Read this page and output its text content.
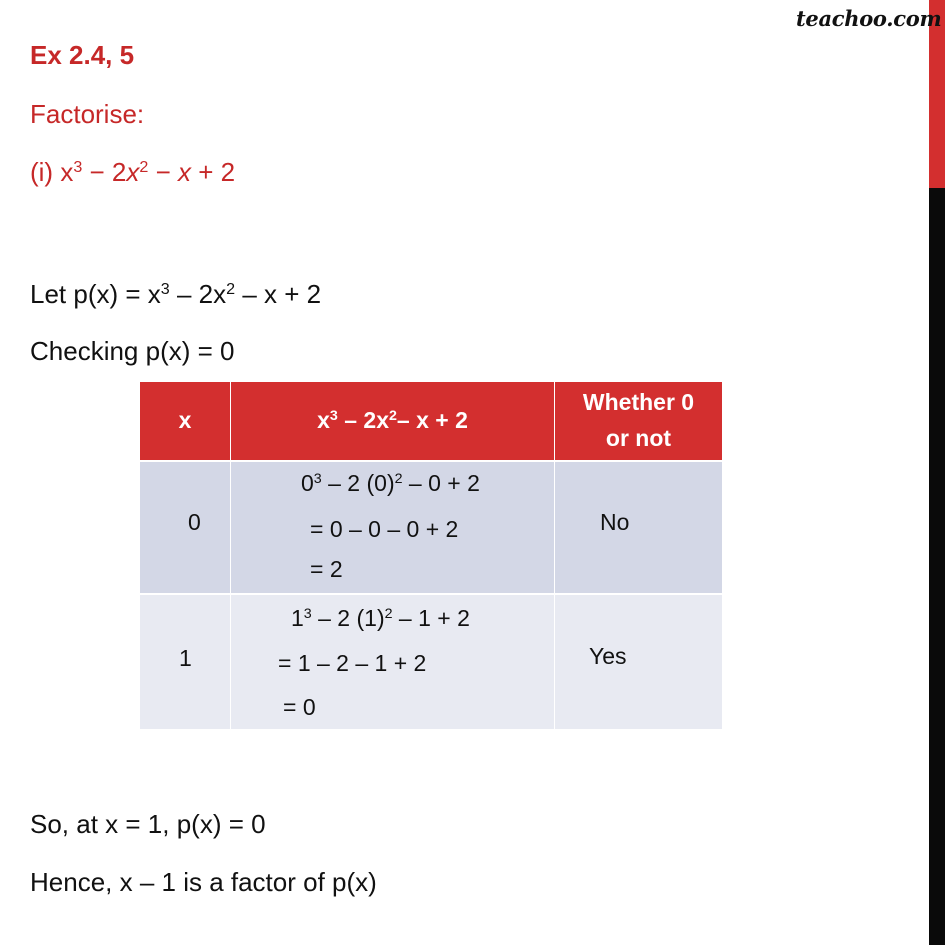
teachoo.com
Ex 2.4, 5
Factorise:
(i) $x^3 - 2x^2 - x + 2$
Let $p(x) = x^3 - 2x^2 - x + 2$
Checking p(x) = 0
x	$x^3 - 2x^2-$ x + 2
Whether 0
or not
0
$0^3 - 2$ $(0)^2 - 0 + 2$
= 0 – 0 – 0 + 2
= 2
No
1
$1^3 - 2$ $(1)^2 - 1 + 2$
= 1 – 2 – 1 + 2
= 0
Yes
So, at x = 1, p(x) = 0
Hence, x – 1 is a factor of p(x)
